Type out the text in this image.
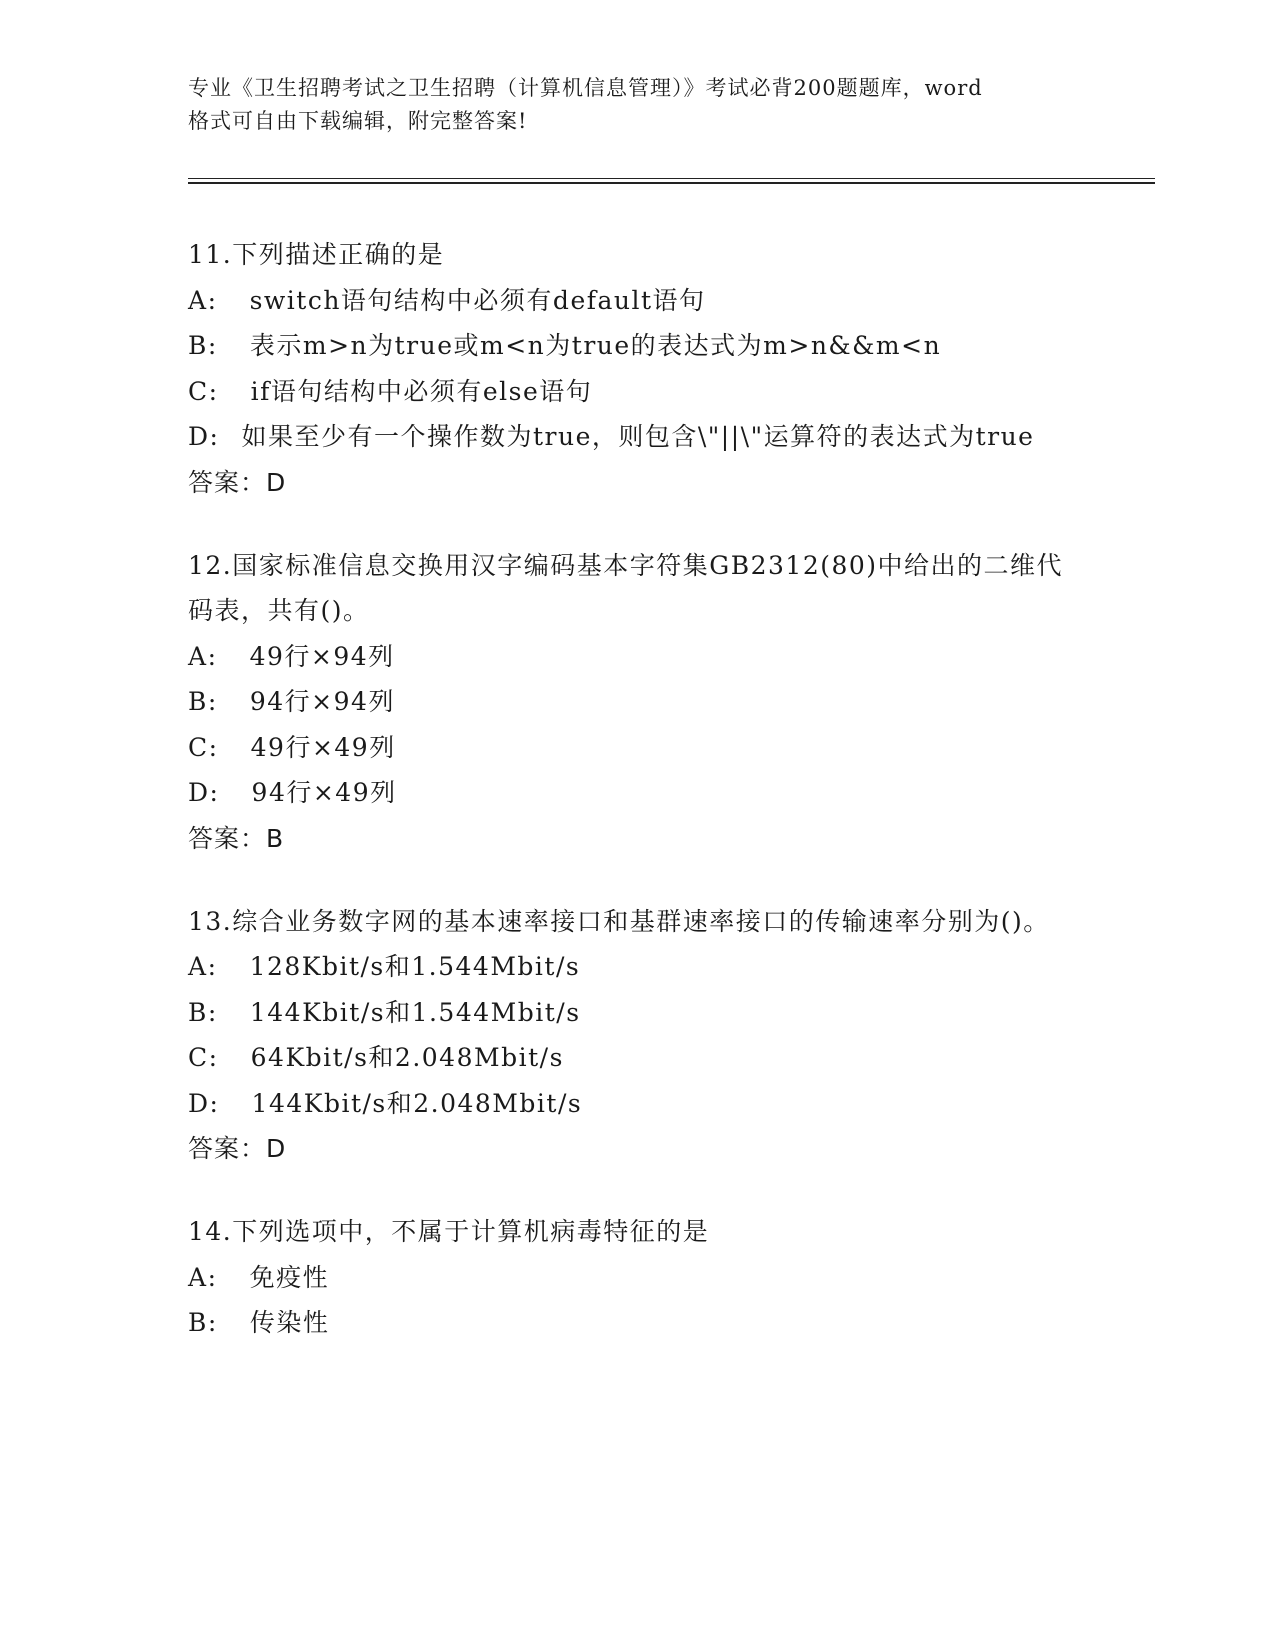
专业《卫生招聘考试之卫生招聘（计算机信息管理）》考试必背200题题库，word
格式可自由下载编辑，附完整答案!
11.下列描述正确的是
A :	switch语句结构中必须有default语句
B :	表示m>n为true或m<n为true的表达式为m>n&&m<n
C :	if语句结构中必须有else语句
D: 如果至少有一个操作数为true，则包含\"||\"运算符的表达式为true
答案：D
12.国家标准信息交换用汉字编码基本字符集GB2312(80)中给出的二维代码表，共有()。
A :	49行×94列
B :	94行×94列
C :	49行×49列
D :	94行×49列
答案：B
13.综合业务数字网的基本速率接口和基群速率接口的传输速率分别为()。
A :	128Kbit/s和1.544Mbit/s
B :	144Kbit/s和1.544Mbit/s
C :	64Kbit/s和2.048Mbit/s
D :	144Kbit/s和2.048Mbit/s
答案：D
14.下列选项中，不属于计算机病毒特征的是
A :	免疫性
B :	传染性
